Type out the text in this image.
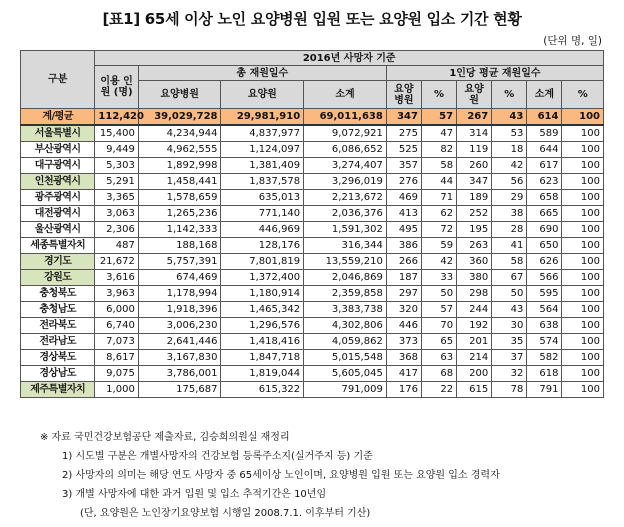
[표1] 65세 이상 노인 요양병원 입원 또는 요양원 입소 기간 현황
(단위 명, 일)
구분	2016년 사망자 기준									
	이용 인원 (명)	총 재원일수			1인당 평균 재원일수					
		요양병원	요양원	소계	요양 병원	%	요양 원	%	소계	%
계/평균	112,420	39,029,728	29,981,910	69,011,638	347	57	267	43	614	100
서울특별시	15,400	4,234,944	4,837,977	9,072,921	275	47	314	53	589	100
부산광역시	9,449	4,962,555	1,124,097	6,086,652	525	82	119	18	644	100
대구광역시	5,303	1,892,998	1,381,409	3,274,407	357	58	260	42	617	100
인천광역시	5,291	1,458,441	1,837,578	3,296,019	276	44	347	56	623	100
광주광역시	3,365	1,578,659	635,013	2,213,672	469	71	189	29	658	100
대전광역시	3,063	1,265,236	771,140	2,036,376	413	62	252	38	665	100
울산광역시	2,306	1,142,333	446,969	1,591,302	495	72	195	28	690	100
세종특별자치	487	188,168	128,176	316,344	386	59	263	41	650	100
경기도	21,672	5,757,391	7,801,819	13,559,210	266	42	360	58	626	100
강원도	3,616	674,469	1,372,400	2,046,869	187	33	380	67	566	100
충청북도	3,963	1,178,994	1,180,914	2,359,858	297	50	298	50	595	100
충청남도	6,000	1,918,396	1,465,342	3,383,738	320	57	244	43	564	100
전라북도	6,740	3,006,230	1,296,576	4,302,806	446	70	192	30	638	100
전라남도	7,073	2,641,446	1,418,416	4,059,862	373	65	201	35	574	100
경상북도	8,617	3,167,830	1,847,718	5,015,548	368	63	214	37	582	100
경상남도	9,075	3,786,001	1,819,044	5,605,045	417	68	200	32	618	100
제주특별자치	1,000	175,687	615,322	791,009	176	22	615	78	791	100
※ 자료 국민건강보험공단 제출자료, 김승희의원실 재정리
1) 시도별 구분은 개별사망자의 건강보험 등록주소지(실거주지 등) 기준
2) 사망자의 의미는 해당 연도 사망자 중 65세이상 노인이며, 요양병원 입원 또는 요양원 입소 경력자
3) 개별 사망자에 대한 과거 입원 및 입소 추적기간은 10년임
(단, 요양원은 노인장기요양보험 시행일 2008.7.1. 이후부터 기산)
